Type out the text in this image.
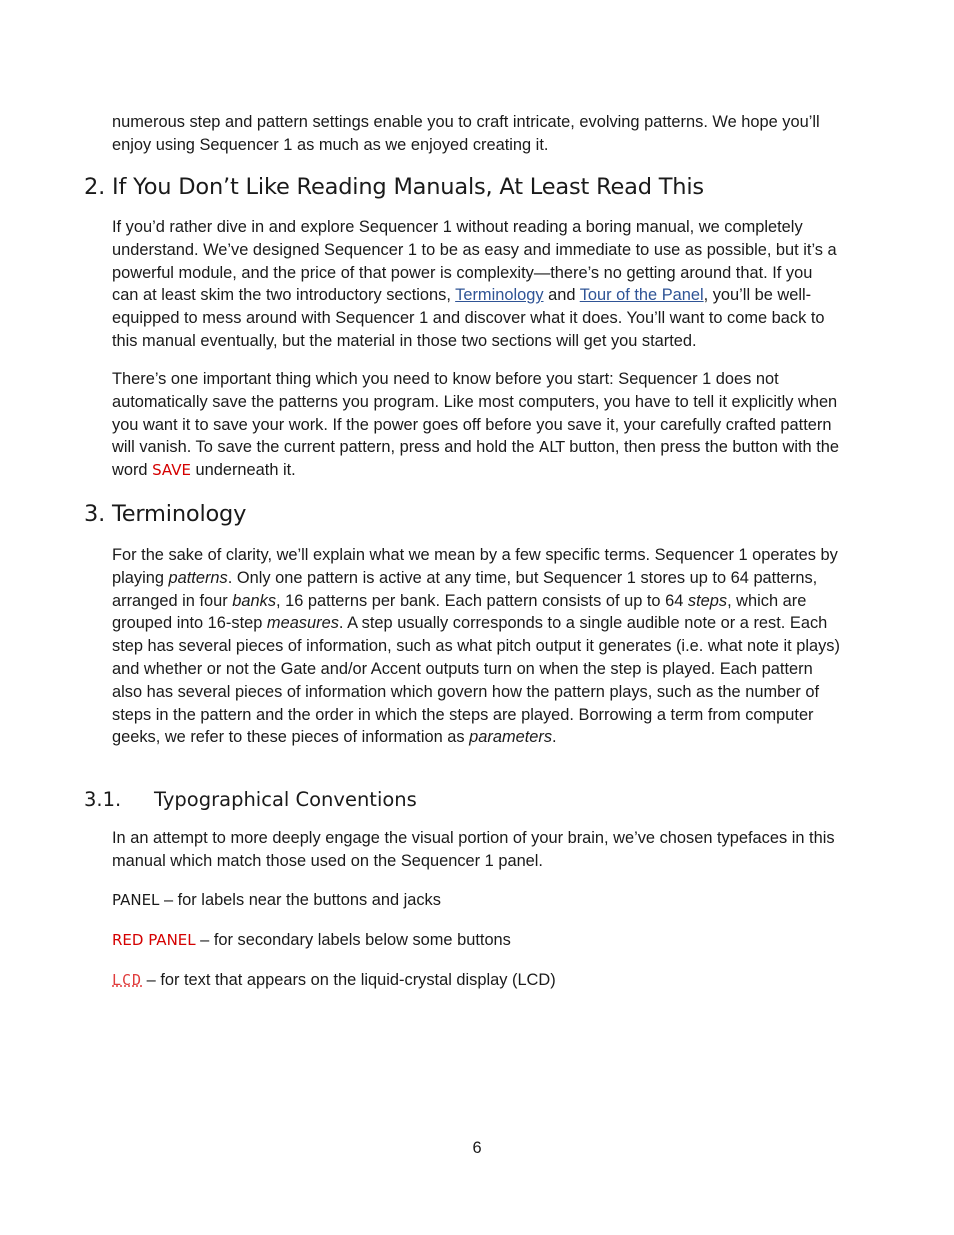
numerous step and pattern settings enable you to craft intricate, evolving patterns. We hope you’ll enjoy using Sequencer 1 as much as we enjoyed creating it.

2. If You Don’t Like Reading Manuals, At Least Read This

If you’d rather dive in and explore Sequencer 1 without reading a boring manual, we completely understand. We’ve designed Sequencer 1 to be as easy and immediate to use as possible, but it’s a powerful module, and the price of that power is complexity—there’s no getting around that. If you can at least skim the two introductory sections, Terminology and Tour of the Panel, you’ll be well-equipped to mess around with Sequencer 1 and discover what it does. You’ll want to come back to this manual eventually, but the material in those two sections will get you started.

There’s one important thing which you need to know before you start: Sequencer 1 does not automatically save the patterns you program. Like most computers, you have to tell it explicitly when you want it to save your work. If the power goes off before you save it, your carefully crafted pattern will vanish. To save the current pattern, press and hold the ALT button, then press the button with the word SAVE underneath it.

3. Terminology

For the sake of clarity, we’ll explain what we mean by a few specific terms. Sequencer 1 operates by playing patterns. Only one pattern is active at any time, but Sequencer 1 stores up to 64 patterns, arranged in four banks, 16 patterns per bank. Each pattern consists of up to 64 steps, which are grouped into 16-step measures. A step usually corresponds to a single audible note or a rest. Each step has several pieces of information, such as what pitch output it generates (i.e. what note it plays) and whether or not the Gate and/or Accent outputs turn on when the step is played. Each pattern also has several pieces of information which govern how the pattern plays, such as the number of steps in the pattern and the order in which the steps are played. Borrowing a term from computer geeks, we refer to these pieces of information as parameters.

3.1. Typographical Conventions

In an attempt to more deeply engage the visual portion of your brain, we’ve chosen typefaces in this manual which match those used on the Sequencer 1 panel.

PANEL – for labels near the buttons and jacks

RED PANEL – for secondary labels below some buttons

LCD – for text that appears on the liquid-crystal display (LCD)

6
